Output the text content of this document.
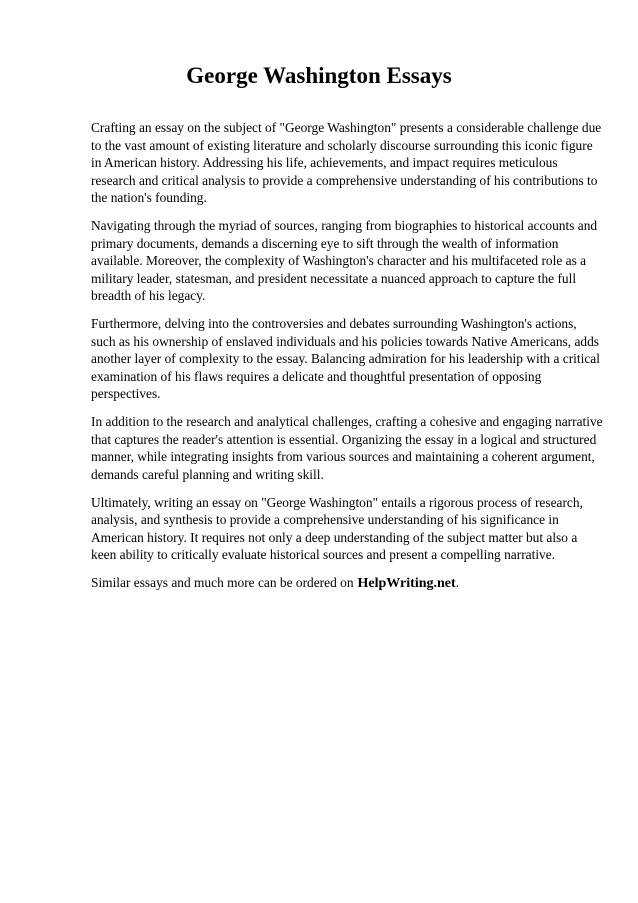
George Washington Essays

Crafting an essay on the subject of "George Washington" presents a considerable challenge due to the vast amount of existing literature and scholarly discourse surrounding this iconic figure in American history. Addressing his life, achievements, and impact requires meticulous research and critical analysis to provide a comprehensive understanding of his contributions to the nation's founding.

Navigating through the myriad of sources, ranging from biographies to historical accounts and primary documents, demands a discerning eye to sift through the wealth of information available. Moreover, the complexity of Washington's character and his multifaceted role as a military leader, statesman, and president necessitate a nuanced approach to capture the full breadth of his legacy.

Furthermore, delving into the controversies and debates surrounding Washington's actions, such as his ownership of enslaved individuals and his policies towards Native Americans, adds another layer of complexity to the essay. Balancing admiration for his leadership with a critical examination of his flaws requires a delicate and thoughtful presentation of opposing perspectives.

In addition to the research and analytical challenges, crafting a cohesive and engaging narrative that captures the reader's attention is essential. Organizing the essay in a logical and structured manner, while integrating insights from various sources and maintaining a coherent argument, demands careful planning and writing skill.

Ultimately, writing an essay on "George Washington" entails a rigorous process of research, analysis, and synthesis to provide a comprehensive understanding of his significance in American history. It requires not only a deep understanding of the subject matter but also a keen ability to critically evaluate historical sources and present a compelling narrative.

Similar essays and much more can be ordered on HelpWriting.net.
